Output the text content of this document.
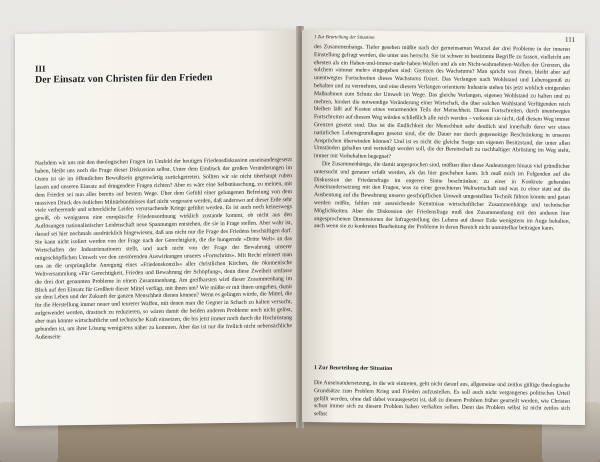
III
Der Einsatz von Christen für den Frieden

Nachdem wir uns mit den theologischen Fragen im Umfeld der heutigen Friedensdiskussion auseinandergesetzt haben, bleibt uns noch die Frage dieser Diskussion selbst. Unter dem Eindruck der großen Veränderungen im Osten ist sie im öffentlichen Bewußtsein gegenwärtig zurückgetreten. Sollten wir sie nicht überhaupt ruhen lassen und unseren Einsatz auf dringendere Fragen richten? Aber es wäre eine Selbsttäuschung, zu meinen, mit dem Frieden sei nun alles bereits auf bestem Wege. Über dem Gefühl einer gelungenen Befreiung von dem massiven Druck des östlichen Militärbündnisses darf nicht vergessen werden, daß anderswo auf dieser Erde sehr viele verheerende und schreckliche Leiden verursachende Kriege geführt werden. Es ist auch noch keineswegs gewiß, ob wenigstens eine europäische Friedensordnung wirklich zustande kommt, ob nicht aus den Auflösungen nationalistischer Leidenschaft neue Spannungen entstehen, die sie in Frage stellen. Aber wahr ist, darauf sei hier nochmals ausdrücklich hingewiesen, daß uns nicht nur die Frage des Friedens beschäftigen darf. Sie kann nicht isoliert werden von der Frage nach der Gerechtigkeit, die die hungernde »Dritte Welt« an das Wirtschaften der Industrienationen stellt, und auch nicht von der Frage der Bewahrung unserer mitgeschöpflichen Umwelt vor den zerstörenden Auswirkungen unseres »Fortschritts«. Mit Recht erinnert man uns an die ursprüngliche Anregung eines »Friedenskonzils« aller christlichen Kirchen, die ökumenische Weltversammlung »Für Gerechtigkeit, Frieden und Bewahrung der Schöpfung«, denn diese Zweiheit umfasse die drei dort genannten Probleme in einem Zusammenhang. Am greifbarsten wird dieser Zusammenhang im Blick auf den Einsatz für Großheit dieser Mittel verfügt, mit ihnen um? Wie müßte er mit ihnen umgehen, damit sie dem Leben und der Zukunft der ganzen Menschheit dienen können? Wenn es gelingen würde, die Mittel, die für die Herstellung immer neuer und teurerer Waffen, mit denen man die Gegner in Schach zu halten versucht, aufgewendet werden, drastisch zu reduzieren, so wären damit die beiden anderen Probleme noch nicht gelöst, aber man könnte wirtschaftliche und technische Kraft einsetzen, die bis jetzt immer noch durch die Hochrüstung gebunden ist, um ihrer Lösung wenigstens näher zu kommen. Aber das ist nur die freilich nicht nebensächliche Außenseite

1 Zur Beurteilung der Situation	111

des Zusammenhangs. Tiefer gesehen müßte nach der gemeinsamen Wurzel der drei Probleme in der inneren Einstellung gefragt werden, die unter uns herrscht. Sie ist schwer in bestimmte Begriffe zu fassen, vielleicht am ehesten als ein Haben-und-immer-mehr-haben-Wollen und als ein Nicht-wahrnehmen-Wollen der Grenzen, die solchem »immer mehr« eingegeben sind: Grenzen des Wachstums? Man spricht von ihnen, bleibt aber auf unentwegtes Fortschreiten dieses Wachstums fixiert. Das Verlangen nach Wohlstand und Lebensgenuß zu behalten und zu vermehren, und eine diesem Verlangen orientierte Industrie stehen bis jetzt wirklich einigenden Maßnahmen zum Schutz der Umwelt im Wege. Das gleiche Verlangen, eigenen Wohlstand zu halten und zu mehren, hindert die notwendige Veränderung einer Wirtschaft, die über solchen Wohlstand Verfügenden reich bleiben läßt auf Kosten eines verarmenden Teils der Menschheit. Dieses Fortschreiten, durch unentwegtes Fortschreiten auf diesem Weg würden schließlich alle reich werden – verkennt sie nicht, daß diesem Weg immer Grenzen gesetzt sind. Das ist die Endlichkeit der Menschheit sehr deutlich und innerhalb derer wir eines natürlichen Lebensgrundlagen gesetzt sind, die die Dauer nur durch gegenseitige Beschränkung in unseren Ansprüchen überwinden können? Und ist es nicht die gleiche Sorge um eigenen Besitzstand, der unter allen Umständen gehalten und verteidigt werden soll, die der Bereitschaft zu nachhaltiger Abrüstung im Weg steht, immer mit Vorbehalten begegnet?

Die Zusammenhänge, die damit angesprochen sind, müßten über diese Andeutungen hinaus viel gründlicher untersucht und genauer erfaßt werden, als das hier geschehen kann. Ich muß mich im Folgenden auf die Diskussion der Friedensfrage im engeren Sinne beschränken: zu einer in Konkrete gehenden Auseinandersetzung mit den Fragen, was zu einer gerechteren Weltwirtschaft und was zu einer statt auf die Ausbeutung auf die Bewahrung unserer geschöpflichen Umwelt umgestellten Technik führen könnte und getan werden müßte, fehlen mir ausreichende Kenntnisse wirtschaftlicher Zusammenhänge und technischer Möglichkeiten. Aber die Diskussion der Friedensfrage muß den Zusammenhang mit den anderen hier angesprochenen Dimensionen der Infragestellung des Lebens auf dieser Erde wenigstens im Auge behalten, auch wenn sie zu konkreten Bearbeitung der Probleme in deren Bereich nicht unmittelbar beitragen kann.

1 Zur Beurteilung der Situation

Die Auseinandersetzung, in die wir eintreten, geht nicht darauf aus, allgemeine und zeitlos gültige theologische Grundsätze zum Problem Krieg und Frieden aufzustellen. Es soll auch nicht vergangenes politisches Urteil gefällt werden, ohne daß dabei vorausgesetzt ist, daß zu diesem Problem früher geurteilt werden, wie Christen schon immer sich zu diesem Problem haben verhalten sollen. Denn das Problem selbst ist nicht zeitlos sich selbst
